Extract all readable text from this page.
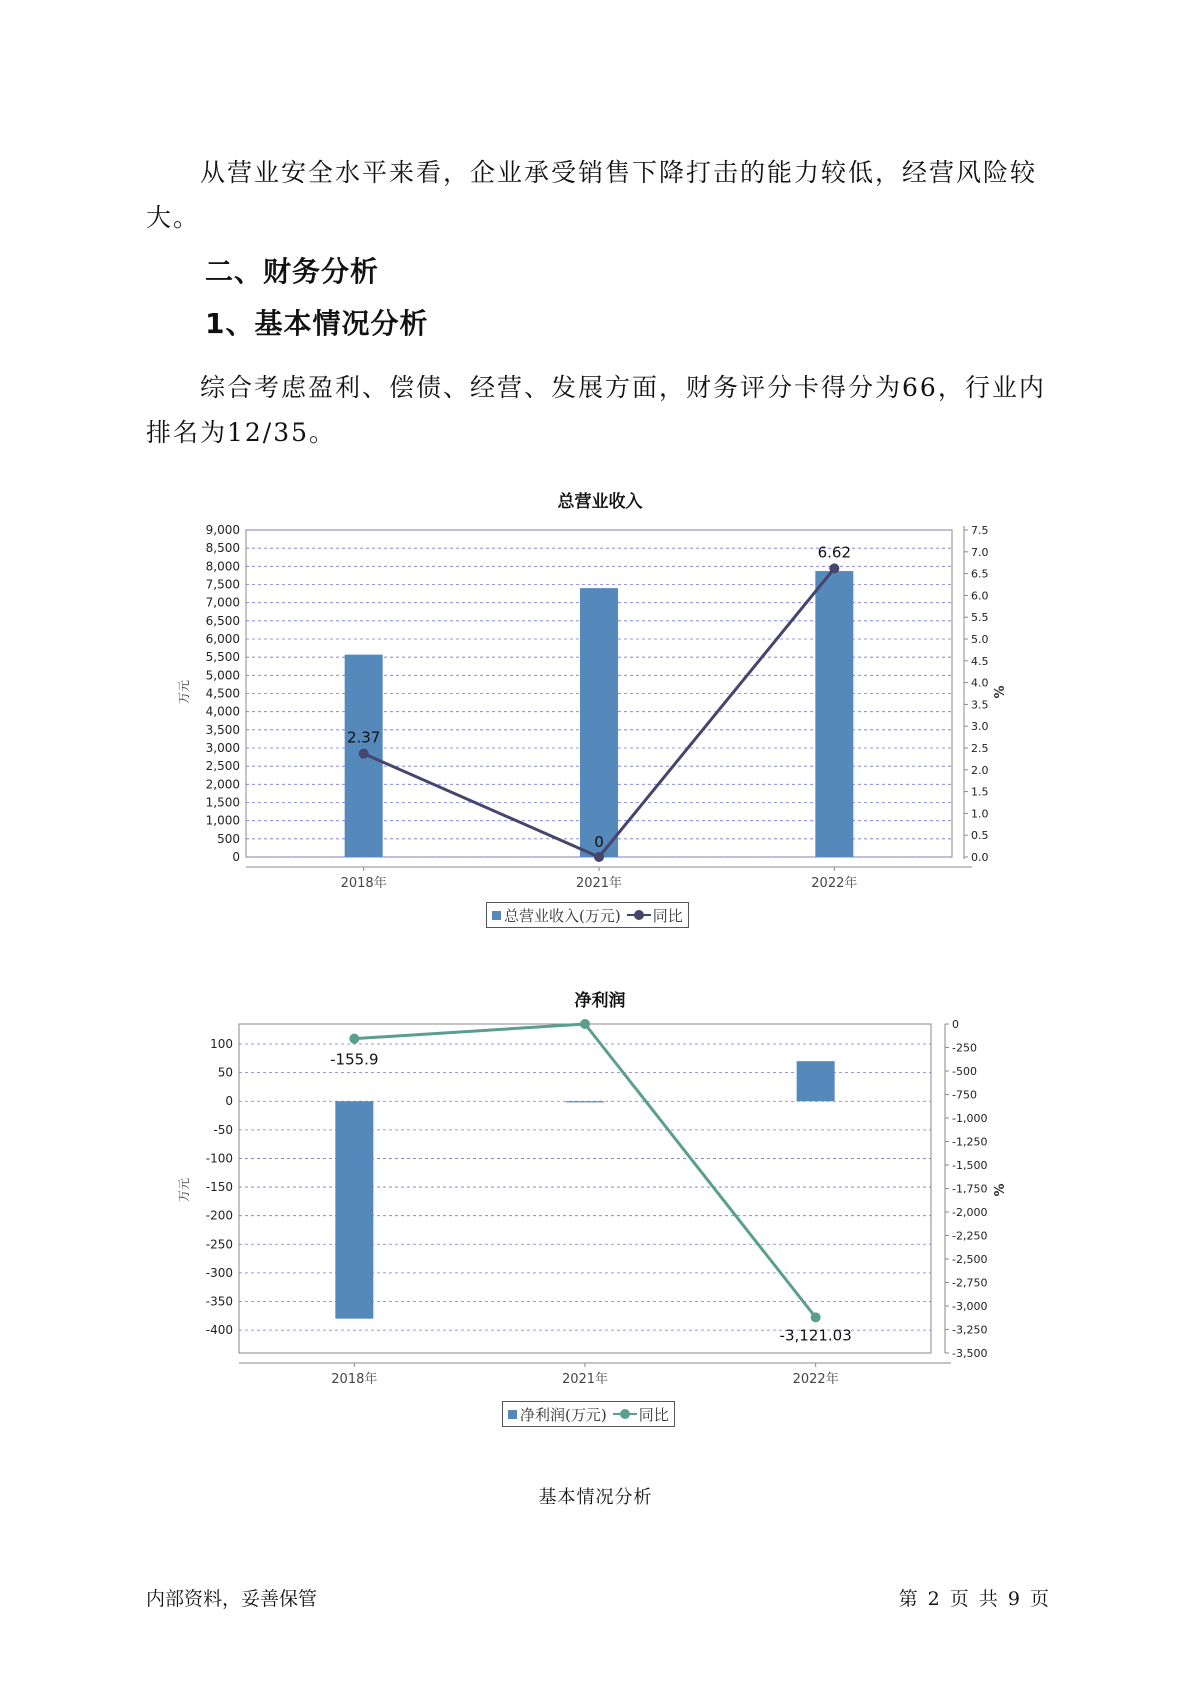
从营业安全水平来看，企业承受销售下降打击的能力较低，经营风险较大。

二、财务分析
1、基本情况分析

综合考虑盈利、偿债、经营、发展方面，财务评分卡得分为66，行业内排名为12/35。

总营业收入
0
500
1,000
1,500
2,000
2,500
3,000
3,500
4,000
4,500
5,000
5,500
6,000
6,500
7,000
7,500
8,000
8,500
9,000
0.0
0.5
1.0
1.5
2.0
2.5
3.0
3.5
4.0
4.5
5.0
5.5
6.0
6.5
7.0
7.5
万元	%
2018年	2021年	2022年
2.37
0
6.62
总营业收入(万元) 同比
净利润
100
50
0
-50
-100
-150
-200
-250
-300
-350
-400
0
-250
-500
-750
-1,000
-1,250
-1,500
-1,750
-2,000
-2,250
-2,500
-2,750
-3,000
-3,250
-3,500
万元	%
2018年	2021年	2022年
-155.9
-3,121.03
净利润(万元) 同比
基本情况分析
内部资料，妥善保管	第 2 页 共 9 页
